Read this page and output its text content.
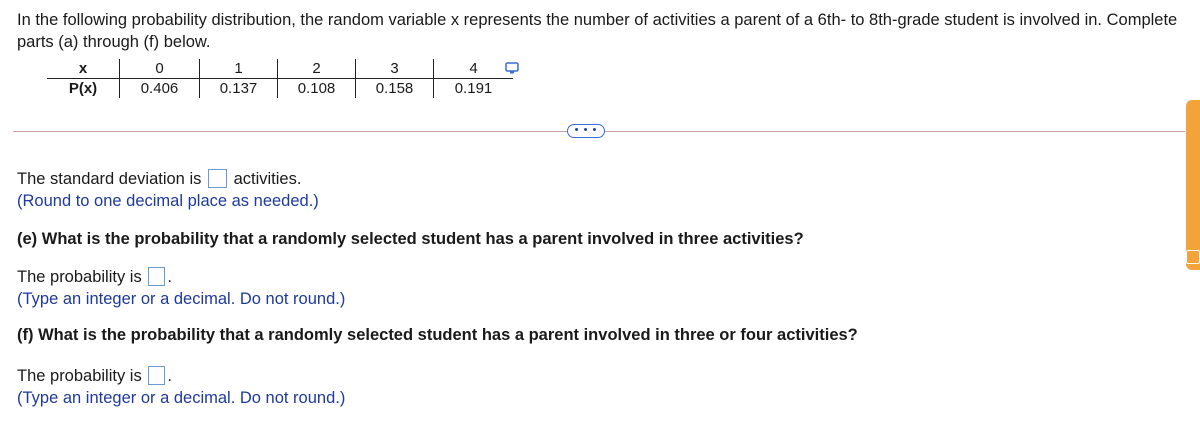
In the following probability distribution, the random variable x represents the number of activities a parent of a 6th- to 8th-grade student is involved in. Complete parts (a) through (f) below.
x	0	1	2	3	4
P(x)	0.406	0.137	0.108	0.158	0.191
• • •
The standard deviation is activities.
(Round to one decimal place as needed.)
(e) What is the probability that a randomly selected student has a parent involved in three activities?
The probability is .
(Type an integer or a decimal. Do not round.)
(f) What is the probability that a randomly selected student has a parent involved in three or four activities?
The probability is .
(Type an integer or a decimal. Do not round.)
